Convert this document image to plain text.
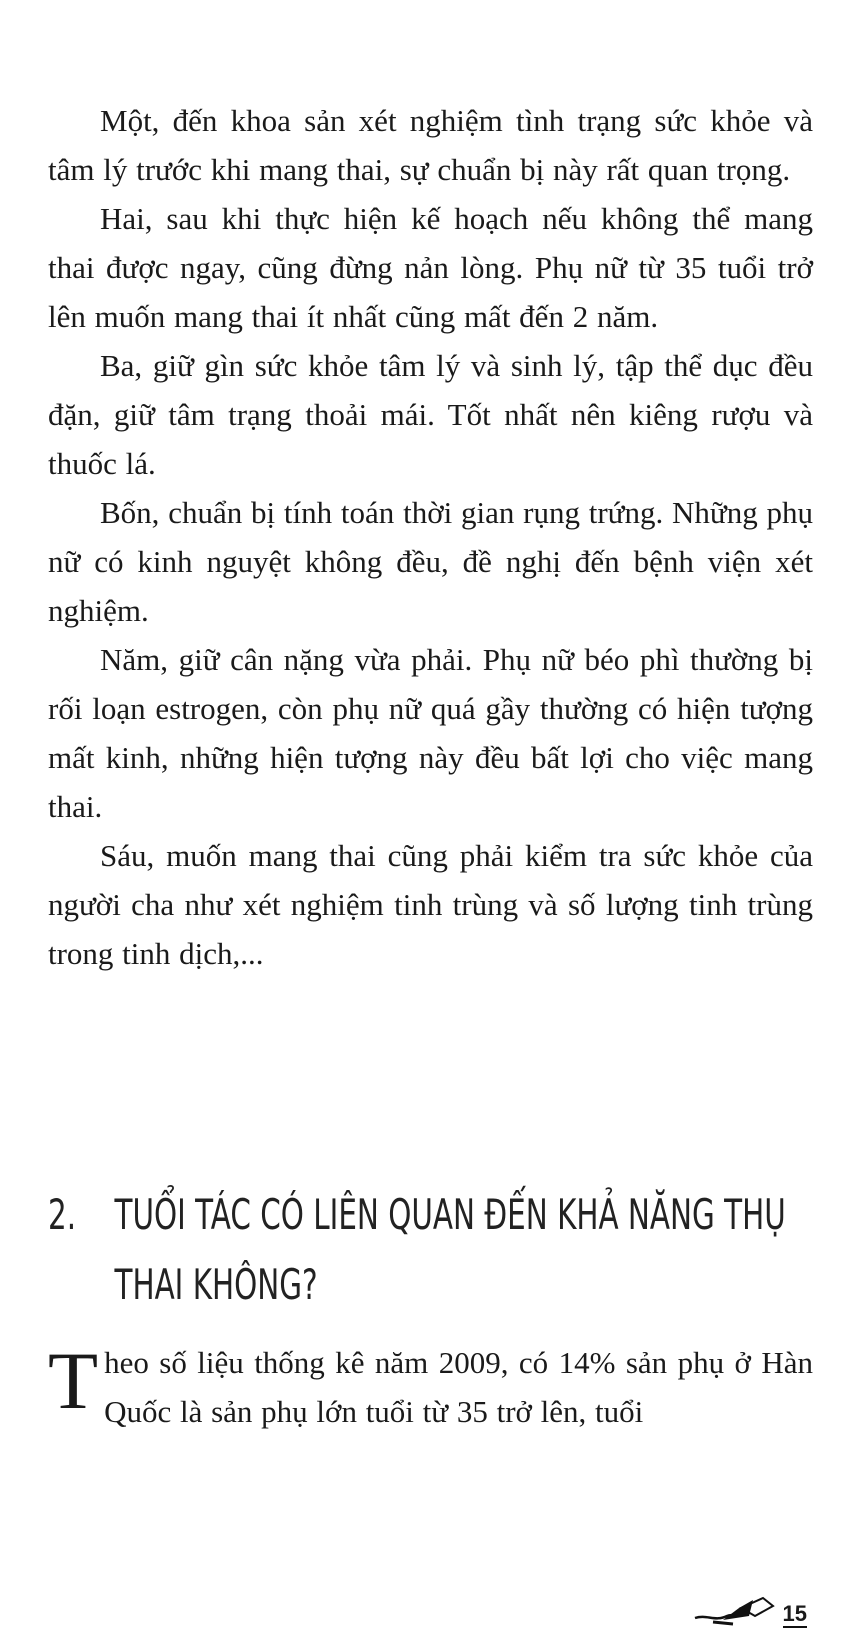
Một, đến khoa sản xét nghiệm tình trạng sức khỏe và tâm lý trước khi mang thai, sự chuẩn bị này rất quan trọng.

Hai, sau khi thực hiện kế hoạch nếu không thể mang thai được ngay, cũng đừng nản lòng. Phụ nữ từ 35 tuổi trở lên muốn mang thai ít nhất cũng mất đến 2 năm.

Ba, giữ gìn sức khỏe tâm lý và sinh lý, tập thể dục đều đặn, giữ tâm trạng thoải mái. Tốt nhất nên kiêng rượu và thuốc lá.

Bốn, chuẩn bị tính toán thời gian rụng trứng. Những phụ nữ có kinh nguyệt không đều, đề nghị đến bệnh viện xét nghiệm.

Năm, giữ cân nặng vừa phải. Phụ nữ béo phì thường bị rối loạn estrogen, còn phụ nữ quá gầy thường có hiện tượng mất kinh, những hiện tượng này đều bất lợi cho việc mang thai.

Sáu, muốn mang thai cũng phải kiểm tra sức khỏe của người cha như xét nghiệm tinh trùng và số lượng tinh trùng trong tinh dịch,...

2. TUỔI TÁC CÓ LIÊN QUAN ĐẾN KHẢ NĂNG THỤ THAI KHÔNG?

Theo số liệu thống kê năm 2009, có 14% sản phụ ở Hàn Quốc là sản phụ lớn tuổi từ 35 trở lên, tuổi

15
